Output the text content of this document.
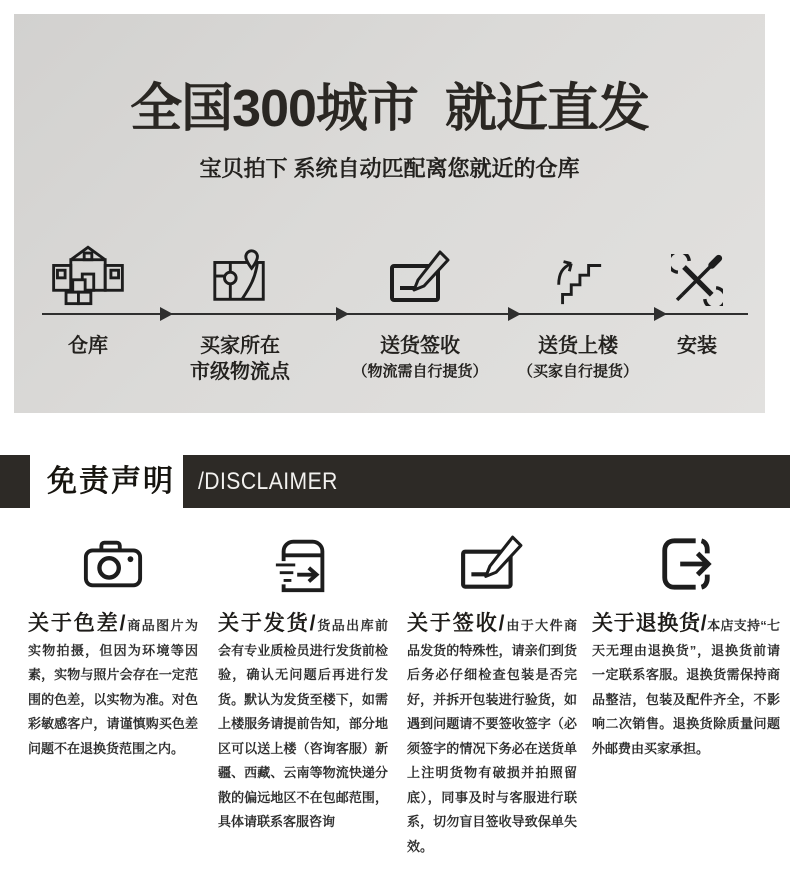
全国300城市  就近直发
宝贝拍下 系统自动匹配离您就近的仓库
仓库	买家所在
市级物流点
送货签收
（物流需自行提货）
送货上楼
（买家自行提货）
安装
免责声明 /DISCLAIMER

关于色差/商品图片为实物拍摄，但因为环境等因素，实物与照片会存在一定范围的色差，以实物为准。对色彩敏感客户，请谨慎购买色差问题不在退换货范围之内。

关于发货/货品出库前会有专业质检员进行发货前检验，确认无问题后再进行发货。默认为发货至楼下，如需上楼服务请提前告知，部分地区可以送上楼（咨询客服）新疆、西藏、云南等物流快递分散的偏远地区不在包邮范围，具体请联系客服咨询

关于签收/由于大件商品发货的特殊性，请亲们到货后务必仔细检查包装是否完好，并拆开包装进行验货，如遇到问题请不要签收签字（必须签字的情况下务必在送货单上注明货物有破损并拍照留底），同事及时与客服进行联系，切勿盲目签收导致保单失效。

关于退换货/本店支持“七天无理由退换货”，退换货前请一定联系客服。退换货需保持商品整洁，包装及配件齐全，不影响二次销售。退换货除质量问题外邮费由买家承担。
